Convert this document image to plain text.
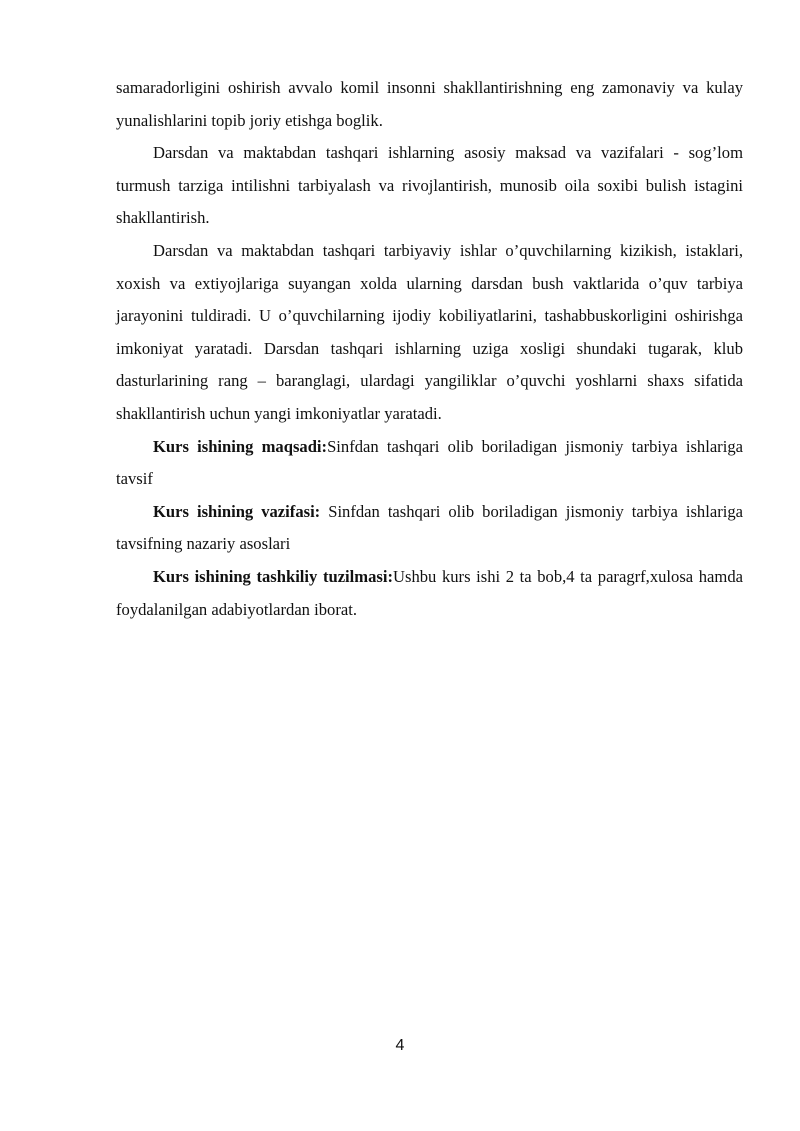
samaradorligini oshirish avvalo komil insonni shakllantirishning eng zamonaviy va kulay yunalishlarini topib joriy etishga boglik.

Darsdan va maktabdan tashqari ishlarning asosiy maksad va vazifalari - sog’lom turmush tarziga intilishni tarbiyalash va rivojlantirish, munosib oila soxibi bulish istagini shakllantirish.

Darsdan va maktabdan tashqari tarbiyaviy ishlar o’quvchilarning kizikish, istaklari, xoxish va extiyojlariga suyangan xolda ularning darsdan bush vaktlarida o’quv tarbiya jarayonini tuldiradi. U o’quvchilarning ijodiy kobiliyatlarini, tashabbuskorligini oshirishga imkoniyat yaratadi. Darsdan tashqari ishlarning uziga xosligi shundaki tugarak, klub dasturlarining rang – baranglagi, ulardagi yangiliklar o’quvchi yoshlarni shaxs sifatida shakllantirish uchun yangi imkoniyatlar yaratadi.

Kurs ishining maqsadi:Sinfdan tashqari olib boriladigan jismoniy tarbiya ishlariga tavsif

Kurs ishining vazifasi: Sinfdan tashqari olib boriladigan jismoniy tarbiya ishlariga tavsifning nazariy asoslari

Kurs ishining tashkiliy tuzilmasi:Ushbu kurs ishi 2 ta bob,4 ta paragrf,xulosa hamda foydalanilgan adabiyotlardan iborat.

4
